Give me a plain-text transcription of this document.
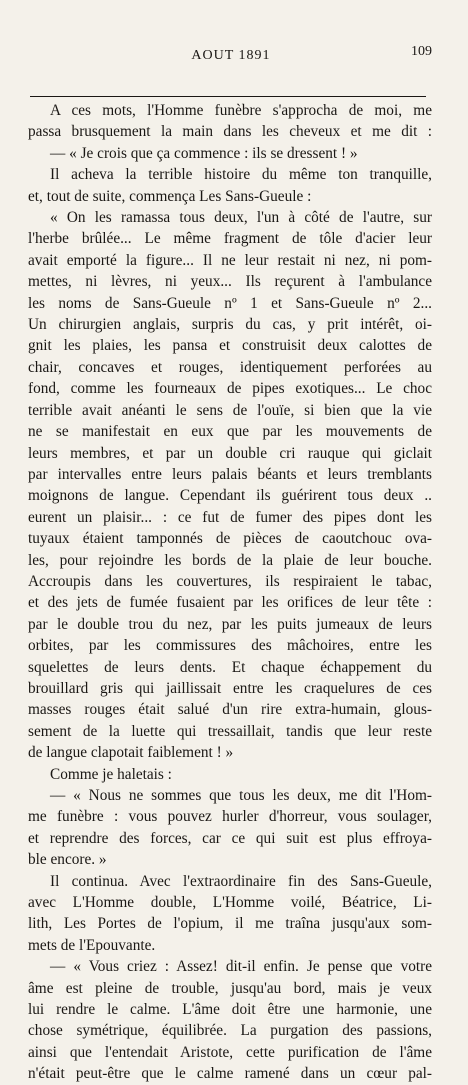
AOUT 1891	109
A ces mots, l'Homme funèbre s'approcha de moi, me
passa brusquement la main dans les cheveux et me dit :
— « Je crois que ça commence : ils se dressent ! »
Il acheva la terrible histoire du même ton tranquille,
et, tout de suite, commença Les Sans-Gueule :
« On les ramassa tous deux, l'un à côté de l'autre, sur
l'herbe brûlée... Le même fragment de tôle d'acier leur
avait emporté la figure... Il ne leur restait ni nez, ni pom-
mettes, ni lèvres, ni yeux... Ils reçurent à l'ambulance
les noms de Sans-Gueule nº 1 et Sans-Gueule nº 2...
Un chirurgien anglais, surpris du cas, y prit intérêt, oi-
gnit les plaies, les pansa et construisit deux calottes de
chair, concaves et rouges, identiquement perforées au
fond, comme les fourneaux de pipes exotiques... Le choc
terrible avait anéanti le sens de l'ouïe, si bien que la vie
ne se manifestait en eux que par les mouvements de
leurs membres, et par un double cri rauque qui giclait
par intervalles entre leurs palais béants et leurs tremblants
moignons de langue. Cependant ils guérirent tous deux ..
eurent un plaisir... : ce fut de fumer des pipes dont les
tuyaux étaient tamponnés de pièces de caoutchouc ova-
les, pour rejoindre les bords de la plaie de leur bouche.
Accroupis dans les couvertures, ils respiraient le tabac,
et des jets de fumée fusaient par les orifices de leur tête :
par le double trou du nez, par les puits jumeaux de leurs
orbites, par les commissures des mâchoires, entre les
squelettes de leurs dents. Et chaque échappement du
brouillard gris qui jaillissait entre les craquelures de ces
masses rouges était salué d'un rire extra-humain, glous-
sement de la luette qui tressaillait, tandis que leur reste
de langue clapotait faiblement ! »
Comme je haletais :
— « Nous ne sommes que tous les deux, me dit l'Hom-
me funèbre : vous pouvez hurler d'horreur, vous soulager,
et reprendre des forces, car ce qui suit est plus effroya-
ble encore. »
Il continua. Avec l'extraordinaire fin des Sans-Gueule,
avec L'Homme double, L'Homme voilé, Béatrice, Li-
lith, Les Portes de l'opium, il me traîna jusqu'aux som-
mets de l'Epouvante.
— « Vous criez : Assez! dit-il enfin. Je pense que votre
âme est pleine de trouble, jusqu'au bord, mais je veux
lui rendre le calme. L'âme doit être une harmonie, une
chose symétrique, équilibrée. La purgation des passions,
ainsi que l'entendait Aristote, cette purification de l'âme
n'était peut-être que le calme ramené dans un cœur pal-
